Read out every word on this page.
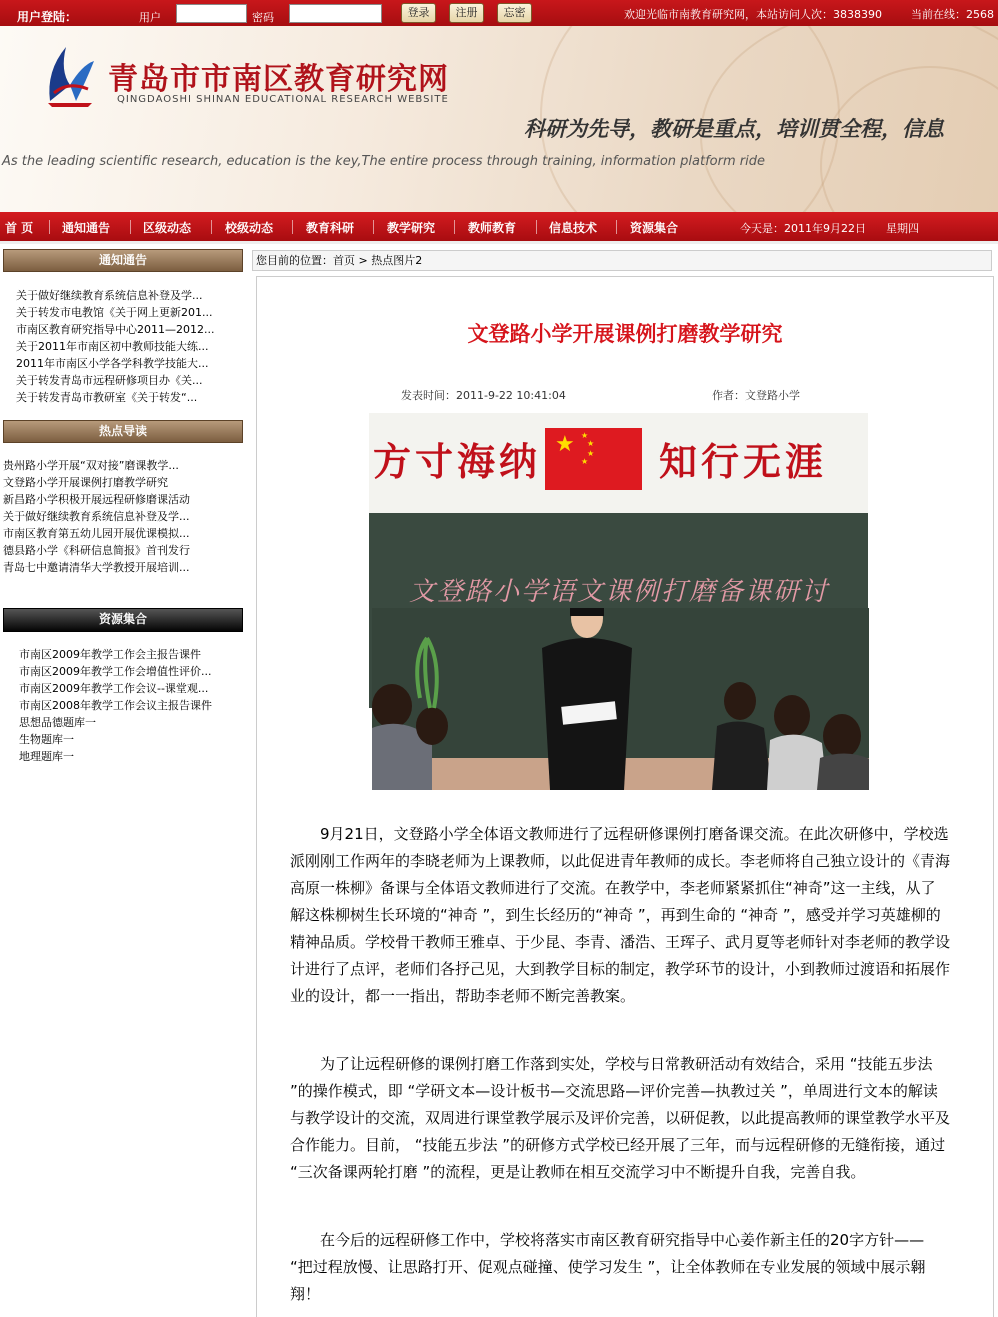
用户登陆：	用户	密码	登录	注册	忘密	欢迎光临市南教育研究网，本站访问人次：3838390	当前在线：2568
青岛市市南区教育研究网
QINGDAOSHI SHINAN EDUCATIONAL RESEARCH WEBSITE
科研为先导，教研是重点，培训贯全程，信息
As the leading scientific research, education is the key,The entire process through training, information platform ride
首 页 通知通告	区级动态	校级动态	教育科研	教学研究	教师教育	信息技术	资源集合	今天是：2011年9月22日 星期四
通知通告
关于做好继续教育系统信息补登及学...
关于转发市电教馆《关于网上更新201...
市南区教育研究指导中心2011—2012...
关于2011年市南区初中教师技能大练...
2011年市南区小学各学科教学技能大...
关于转发青岛市远程研修项目办《关...
关于转发青岛市教研室《关于转发“...
热点导读
贵州路小学开展“双对接”磨课教学...
文登路小学开展课例打磨教学研究
新昌路小学积极开展远程研修磨课活动
关于做好继续教育系统信息补登及学...
市南区教育第五幼儿园开展优课模拟...
德县路小学《科研信息简报》首刊发行
青岛七中邀请清华大学教授开展培训...
资源集合
市南区2009年教学工作会主报告课件
市南区2009年教学工作会增值性评价...
市南区2009年教学工作会议--课堂观...
市南区2008年教学工作会议主报告课件
思想品德题库一
生物题库一
地理题库一
您目前的位置：首页 > 热点图片2
文登路小学开展课例打磨教学研究
发表时间：2011-9-22 10:41:04	作者：文登路小学
方寸海纳 ★ ★
★
★
★ 知行无涯
文登路小学语文课例打磨备课研讨

9月21日，文登路小学全体语文教师进行了远程研修课例打磨备课交流。在此次研修中，学校选派刚刚工作两年的李晓老师为上课教师，以此促进青年教师的成长。李老师将自己独立设计的《青海高原一株柳》备课与全体语文教师进行了交流。在教学中，李老师紧紧抓住“神奇”这一主线，从了解这株柳树生长环境的“神奇 ”，到生长经历的“神奇 ”，再到生命的 “神奇 ”，感受并学习英雄柳的精神品质。学校骨干教师王雅卓、于少昆、李青、潘浩、王珲子、武月夏等老师针对李老师的教学设计进行了点评，老师们各抒己见，大到教学目标的制定，教学环节的设计，小到教师过渡语和拓展作业的设计，都一一指出，帮助李老师不断完善教案。

为了让远程研修的课例打磨工作落到实处，学校与日常教研活动有效结合，采用 “技能五步法 ”的操作模式，即 “学研文本—设计板书—交流思路—评价完善—执教过关 ”，单周进行文本的解读与教学设计的交流，双周进行课堂教学展示及评价完善，以研促教，以此提高教师的课堂教学水平及合作能力。目前， “技能五步法 ”的研修方式学校已经开展了三年，而与远程研修的无缝衔接，通过 “三次备课两轮打磨 ”的流程，更是让教师在相互交流学习中不断提升自我，完善自我。

在今后的远程研修工作中，学校将落实市南区教育研究指导中心姜作新主任的20字方针—— “把过程放慢、让思路打开、促观点碰撞、使学习发生 ”，让全体教师在专业发展的领域中展示翱翔！
